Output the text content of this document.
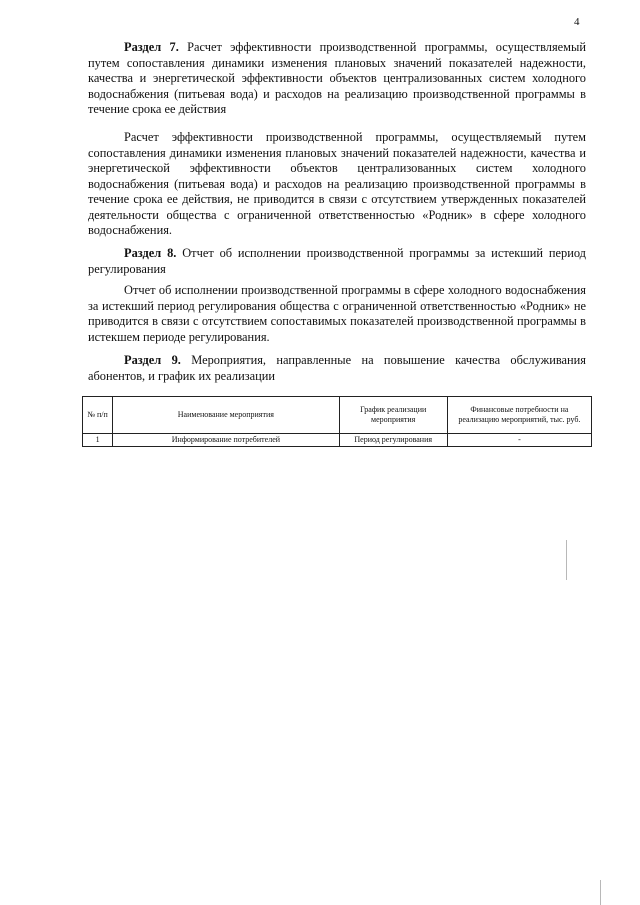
4

Раздел 7. Расчет эффективности производственной программы, осуществляемый путем сопоставления динамики изменения плановых значений показателей надежности, качества и энергетической эффективности объектов централизованных систем холодного водоснабжения (питьевая вода) и расходов на реализацию производственной программы в течение срока ее действия

Расчет эффективности производственной программы, осуществляемый путем сопоставления динамики изменения плановых значений показателей надежности, качества и энергетической эффективности объектов централизованных систем холодного водоснабжения (питьевая вода) и расходов на реализацию производственной программы в течение срока ее действия, не приводится в связи с отсутствием утвержденных показателей деятельности общества с ограниченной ответственностью «Родник» в сфере холодного водоснабжения.

Раздел 8. Отчет об исполнении производственной программы за истекший период регулирования

Отчет об исполнении производственной программы в сфере холодного водоснабжения за истекший период регулирования общества с ограниченной ответственностью «Родник» не приводится в связи с отсутствием сопоставимых показателей производственной программы в истекшем периоде регулирования.

Раздел 9. Мероприятия, направленные на повышение качества обслуживания абонентов, и график их реализации

№ п/п	Наименование мероприятия	График реализации мероприятия	Финансовые потребности на реализацию мероприятий, тыс. руб.
1	Информирование потребителей	Период регулирования	-
